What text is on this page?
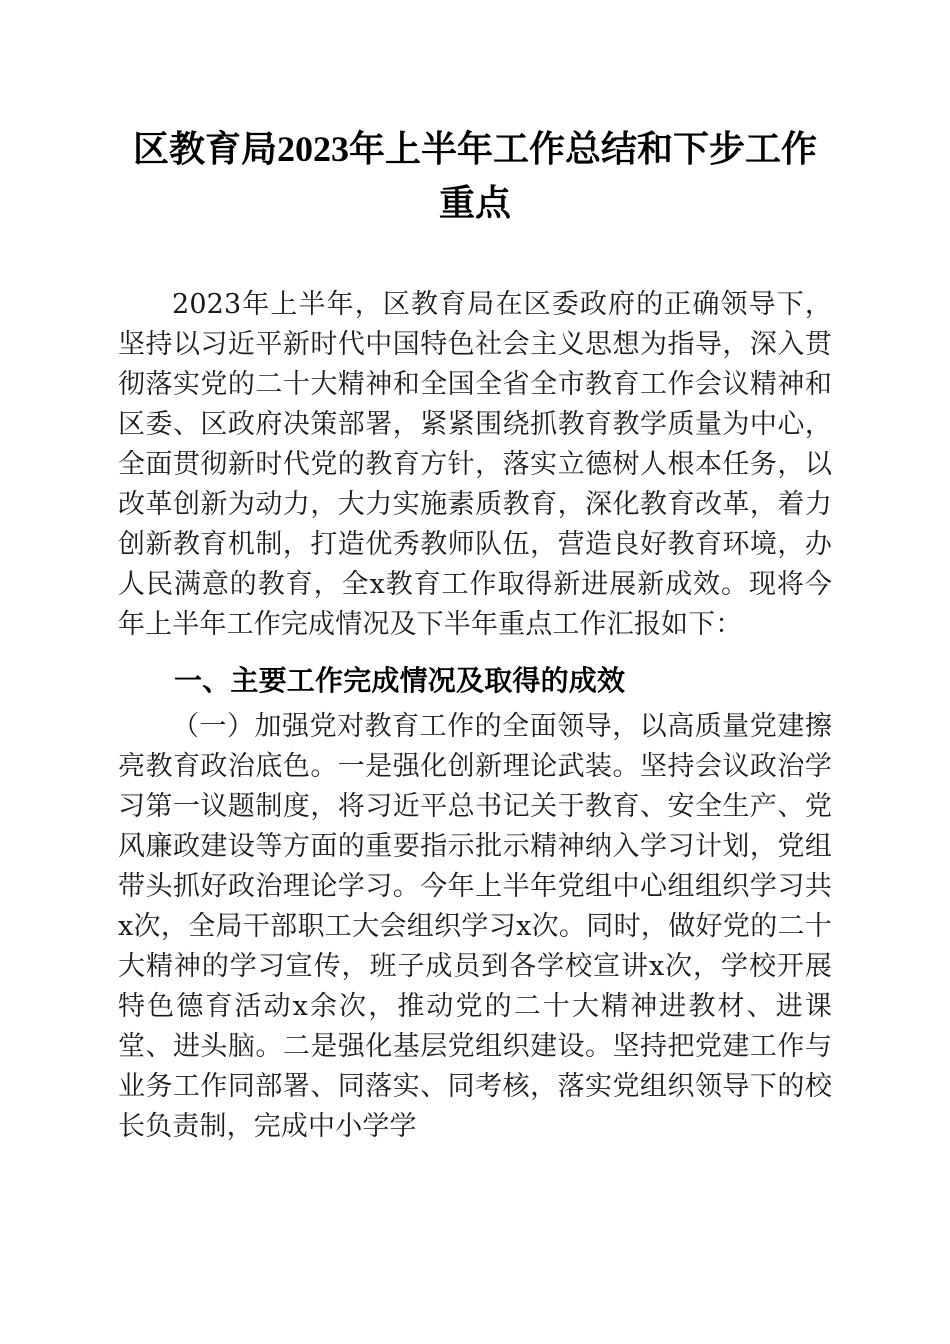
区教育局2023年上半年工作总结和下步工作重点

2023年上半年，区教育局在区委政府的正确领导下，坚持以习近平新时代中国特色社会主义思想为指导，深入贯彻落实党的二十大精神和全国全省全市教育工作会议精神和区委、区政府决策部署，紧紧围绕抓教育教学质量为中心，全面贯彻新时代党的教育方针，落实立德树人根本任务，以改革创新为动力，大力实施素质教育，深化教育改革，着力创新教育机制，打造优秀教师队伍，营造良好教育环境，办人民满意的教育，全x教育工作取得新进展新成效。现将今年上半年工作完成情况及下半年重点工作汇报如下：

一、主要工作完成情况及取得的成效

（一）加强党对教育工作的全面领导，以高质量党建擦亮教育政治底色。一是强化创新理论武装。坚持会议政治学习第一议题制度，将习近平总书记关于教育、安全生产、党风廉政建设等方面的重要指示批示精神纳入学习计划，党组带头抓好政治理论学习。今年上半年党组中心组组织学习共x次，全局干部职工大会组织学习x次。同时，做好党的二十大精神的学习宣传，班子成员到各学校宣讲x次，学校开展特色德育活动x余次，推动党的二十大精神进教材、进课堂、进头脑。二是强化基层党组织建设。坚持把党建工作与业务工作同部署、同落实、同考核，落实党组织领导下的校长负责制，完成中小学学
